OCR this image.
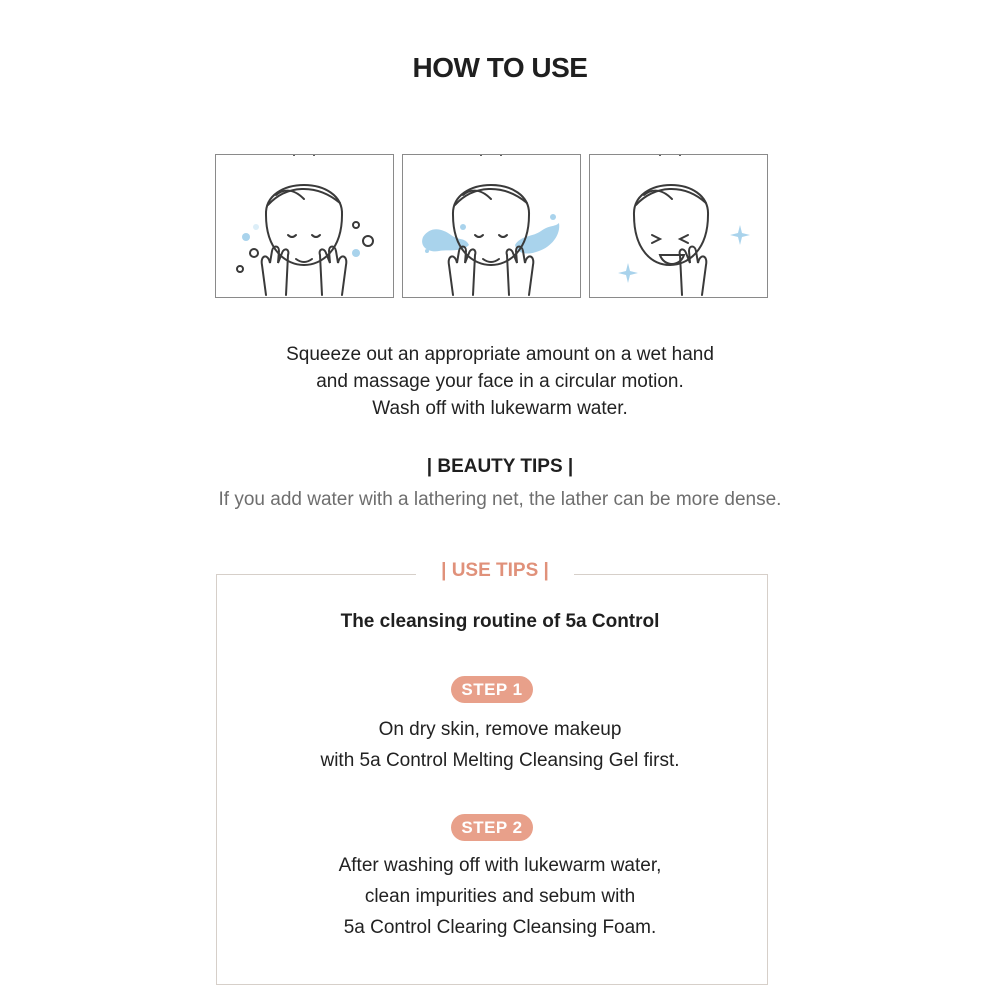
HOW TO USE
Squeeze out an appropriate amount on a wet hand
and massage your face in a circular motion.
Wash off with lukewarm water.
| BEAUTY TIPS |
If you add water with a lathering net, the lather can be more dense.
| USE TIPS |
The cleansing routine of 5a Control
STEP 1
On dry skin, remove makeup
with 5a Control Melting Cleansing Gel first.
STEP 2
After washing off with lukewarm water,
clean impurities and sebum with
5a Control Clearing Cleansing Foam.
